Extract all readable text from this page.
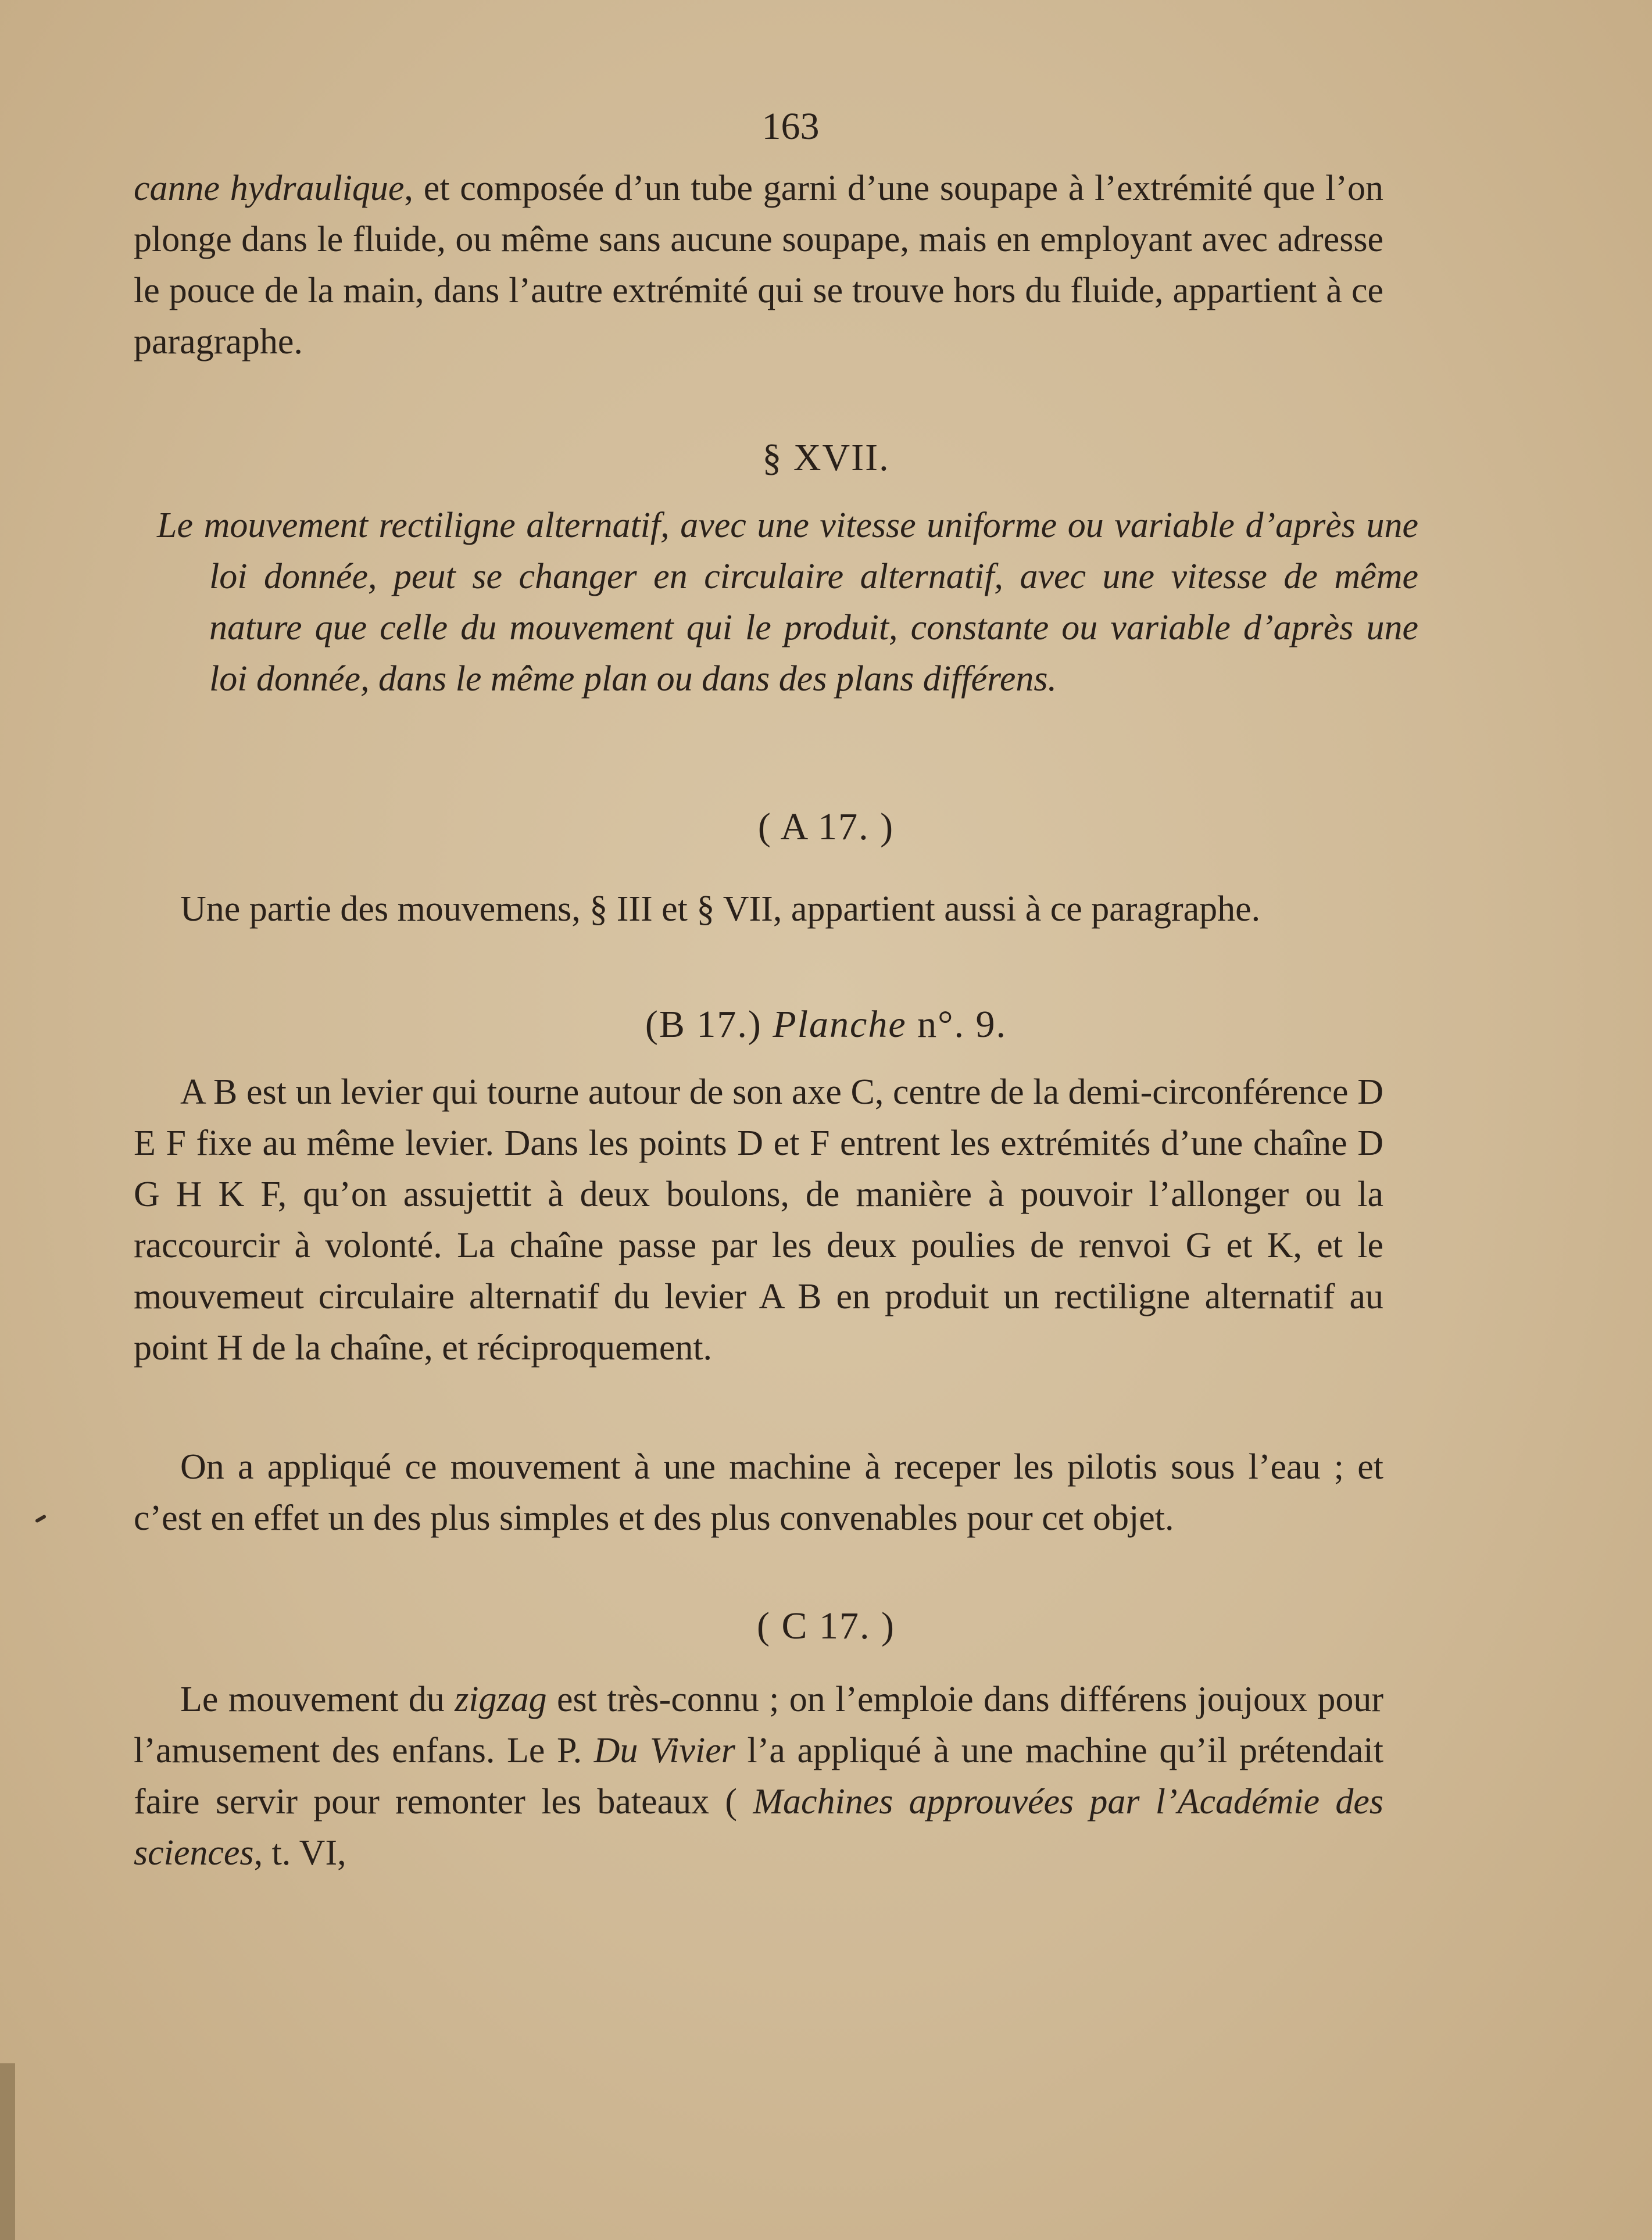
163

canne hydraulique, et composée d’un tube garni d’une soupape à l’extrémité que l’on plonge dans le fluide, ou même sans aucune soupape, mais en employant avec adresse le pouce de la main, dans l’autre extrémité qui se trouve hors du fluide, appartient à ce paragraphe.

§ XVII.

Le mouvement rectiligne alternatif, avec une vitesse uniforme ou variable d’après une loi donnée, peut se changer en circulaire alternatif, avec une vitesse de même nature que celle du mouvement qui le produit, constante ou variable d’après une loi donnée, dans le même plan ou dans des plans différens.

( A 17. )

Une partie des mouvemens, § III et § VII, appartient aussi à ce paragraphe.

(B 17.) Planche n°. 9.

A B est un levier qui tourne autour de son axe C, centre de la demi-circonférence D E F fixe au même levier. Dans les points D et F entrent les extrémités d’une chaîne D G H K F, qu’on assujettit à deux boulons, de manière à pouvoir l’allonger ou la raccourcir à volonté. La chaîne passe par les deux poulies de renvoi G et K, et le mouvemeut circulaire alternatif du levier A B en produit un rectiligne alternatif au point H de la chaîne, et réciproquement.

On a appliqué ce mouvement à une machine à receper les pilotis sous l’eau ; et c’est en effet un des plus simples et des plus convenables pour cet objet.

( C 17. )

Le mouvement du zigzag est très-connu ; on l’emploie dans différens joujoux pour l’amusement des enfans. Le P. Du Vivier l’a appliqué à une machine qu’il prétendait faire servir pour remonter les bateaux ( Machines approuvées par l’Académie des sciences, t. VI,
